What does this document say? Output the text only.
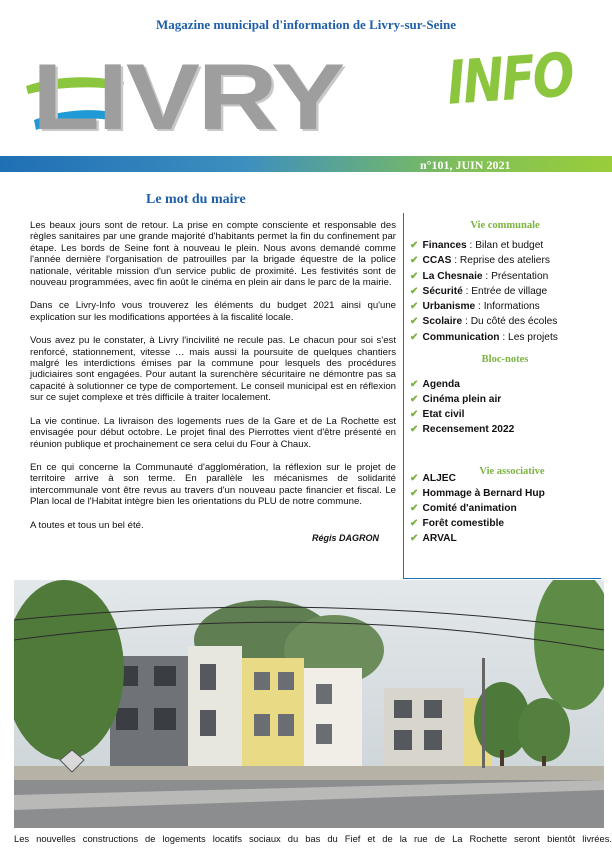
Magazine municipal d'information de Livry-sur-Seine
LIVRY INFO
n°101, JUIN 2021
Le mot du maire

Les beaux jours sont de retour. La prise en compte consciente et responsable des règles sanitaires par une grande majorité d'habitants permet la fin du confinement par étape. Les bords de Seine font à nouveau le plein. Nous avons demandé comme l'année dernière l'organisation de patrouilles par la brigade équestre de la police nationale, véritable mission d'un service public de proximité. Les festivités sont de nouveau programmées, avec fin août le cinéma en plein air dans le parc de la mairie.

Dans ce Livry-Info vous trouverez les éléments du budget 2021 ainsi qu'une explication sur les modifications apportées à la fiscalité locale.

Vous avez pu le constater, à Livry l'incivilité ne recule pas. Le chacun pour soi s'est renforcé, stationnement, vitesse … mais aussi la poursuite de quelques chantiers malgré les interdictions émises par la commune pour lesquels des procédures judiciaires sont engagées. Pour autant la surenchère sécuritaire ne démontre pas sa capacité à solutionner ce type de comportement. Le conseil municipal est en réflexion sur ce sujet complexe et très difficile à traiter localement.

La vie continue. La livraison des logements rues de la Gare et de La Rochette est envisagée pour début octobre. Le projet final des Pierrottes vient d'être présenté en réunion publique et prochainement ce sera celui du Four à Chaux.

En ce qui concerne la Communauté d'agglomération, la réflexion sur le projet de territoire arrive à son terme. En parallèle les mécanismes de solidarité intercommunale vont être revus au travers d'un nouveau pacte financier et fiscal. Le Plan local de l'Habitat intègre bien les orientations du PLU de notre commune.

A toutes et tous un bel été.

Régis DAGRON
Vie communale
✔ Finances : Bilan et budget
✔ CCAS : Reprise des ateliers
✔ La Chesnaie : Présentation
✔ Sécurité : Entrée de village
✔ Urbanisme : Informations
✔ Scolaire : Du côté des écoles
✔ Communication : Les projets
Bloc-notes
✔ Agenda
✔ Cinéma plein air
✔ Etat civil
✔ Recensement 2022
Vie associative
✔ ALJEC
✔ Hommage à Bernard Hup
✔ Comité d'animation
✔ Forêt comestible
✔ ARVAL
Les nouvelles constructions de logements locatifs sociaux du bas du Fief et de la rue de La Rochette seront bientôt livrées.
